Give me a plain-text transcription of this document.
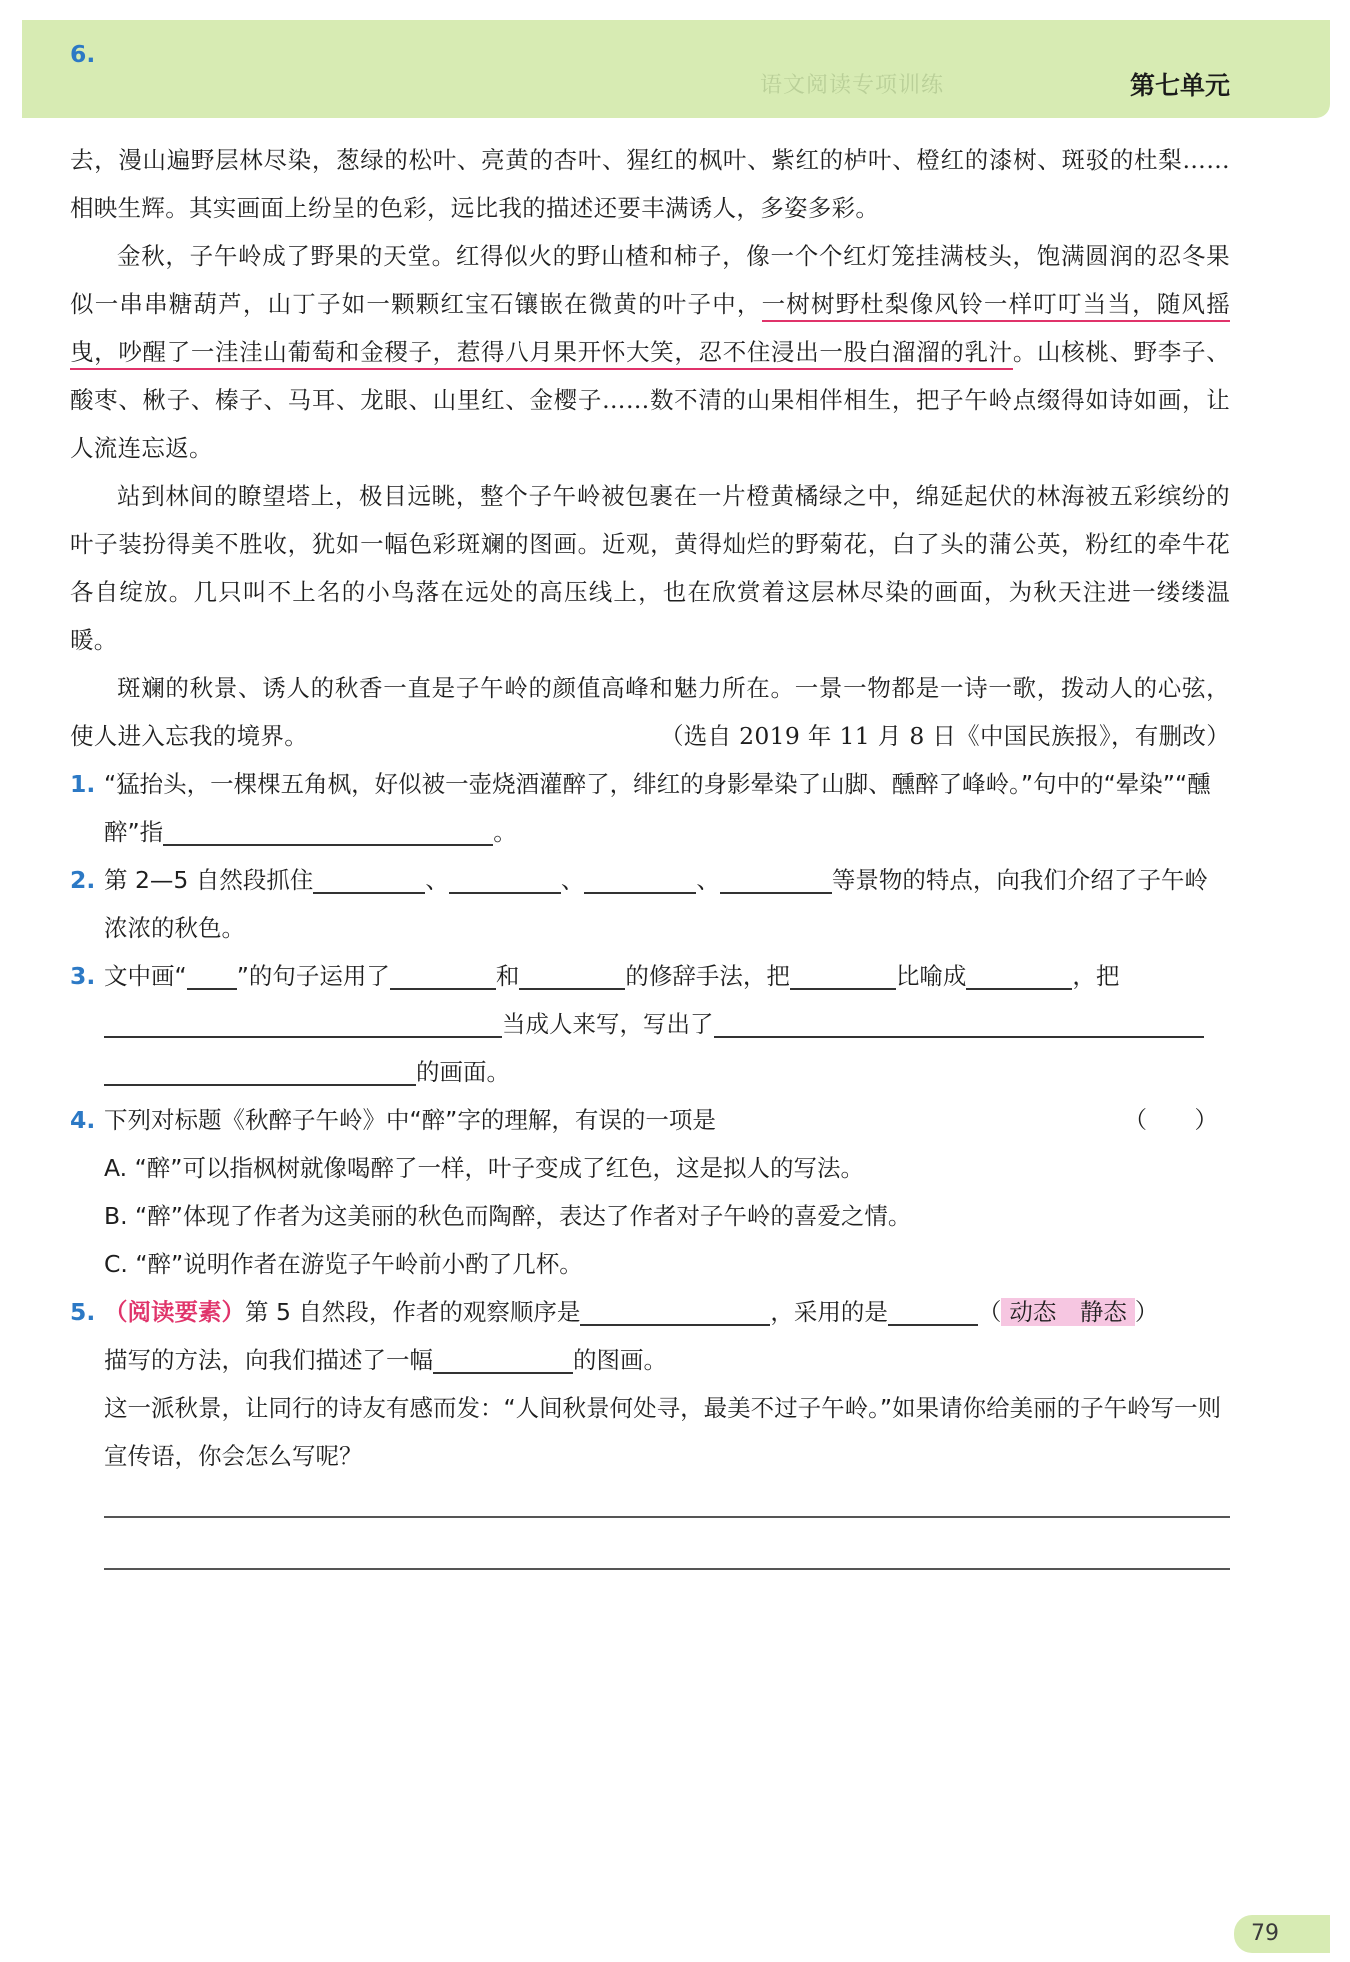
语文阅读专项训练	第七单元

去，漫山遍野层林尽染，葱绿的松叶、亮黄的杏叶、猩红的枫叶、紫红的栌叶、橙红的漆树、斑驳的杜梨……相映生辉。其实画面上纷呈的色彩，远比我的描述还要丰满诱人，多姿多彩。

金秋，子午岭成了野果的天堂。红得似火的野山楂和柿子，像一个个红灯笼挂满枝头，饱满圆润的忍冬果似一串串糖葫芦，山丁子如一颗颗红宝石镶嵌在微黄的叶子中，一树树野杜梨像风铃一样叮叮当当，随风摇曳，吵醒了一洼洼山葡萄和金稷子，惹得八月果开怀大笑，忍不住浸出一股白溜溜的乳汁。山核桃、野李子、酸枣、楸子、榛子、马耳、龙眼、山里红、金樱子……数不清的山果相伴相生，把子午岭点缀得如诗如画，让人流连忘返。

站到林间的瞭望塔上，极目远眺，整个子午岭被包裹在一片橙黄橘绿之中，绵延起伏的林海被五彩缤纷的叶子装扮得美不胜收，犹如一幅色彩斑斓的图画。近观，黄得灿烂的野菊花，白了头的蒲公英，粉红的牵牛花各自绽放。几只叫不上名的小鸟落在远处的高压线上，也在欣赏着这层林尽染的画面，为秋天注进一缕缕温暖。

斑斓的秋景、诱人的秋香一直是子午岭的颜值高峰和魅力所在。一景一物都是一诗一歌，拨动人的心弦，使人进入忘我的境界。	（选自 2019 年 11 月 8 日《中国民族报》，有删改）

1. “猛抬头，一棵棵五角枫，好似被一壶烧酒灌醉了，绯红的身影晕染了山脚、醺醉了峰岭。”句中的“晕染”“醺醉”指	。

2. 第 2—5 自然段抓住	、	、	、	等景物的特点，向我们介绍了子午岭浓浓的秋色。

3. 文中画“ ”的句子运用了	和	的修辞手法，把	比喻成	，把
当成人来写，写出了
的画面。

4. 下列对标题《秋醉子午岭》中“醉”字的理解，有误的一项是	（　）

A. “醉”可以指枫树就像喝醉了一样，叶子变成了红色，这是拟人的写法。

B. “醉”体现了作者为这美丽的秋色而陶醉，表达了作者对子午岭的喜爱之情。

C. “醉”说明作者在游览子午岭前小酌了几杯。

5. （阅读要素）第 5 自然段，作者的观察顺序是	，采用的是	（ 动态　静态 ）
描写的方法，向我们描述了一幅	的图画。

这一派秋景，让同行的诗友有感而发：“人间秋景何处寻，最美不过子午岭。”如果请你给美丽的子午岭写一则宣传语，你会怎么写呢？

6.
79
